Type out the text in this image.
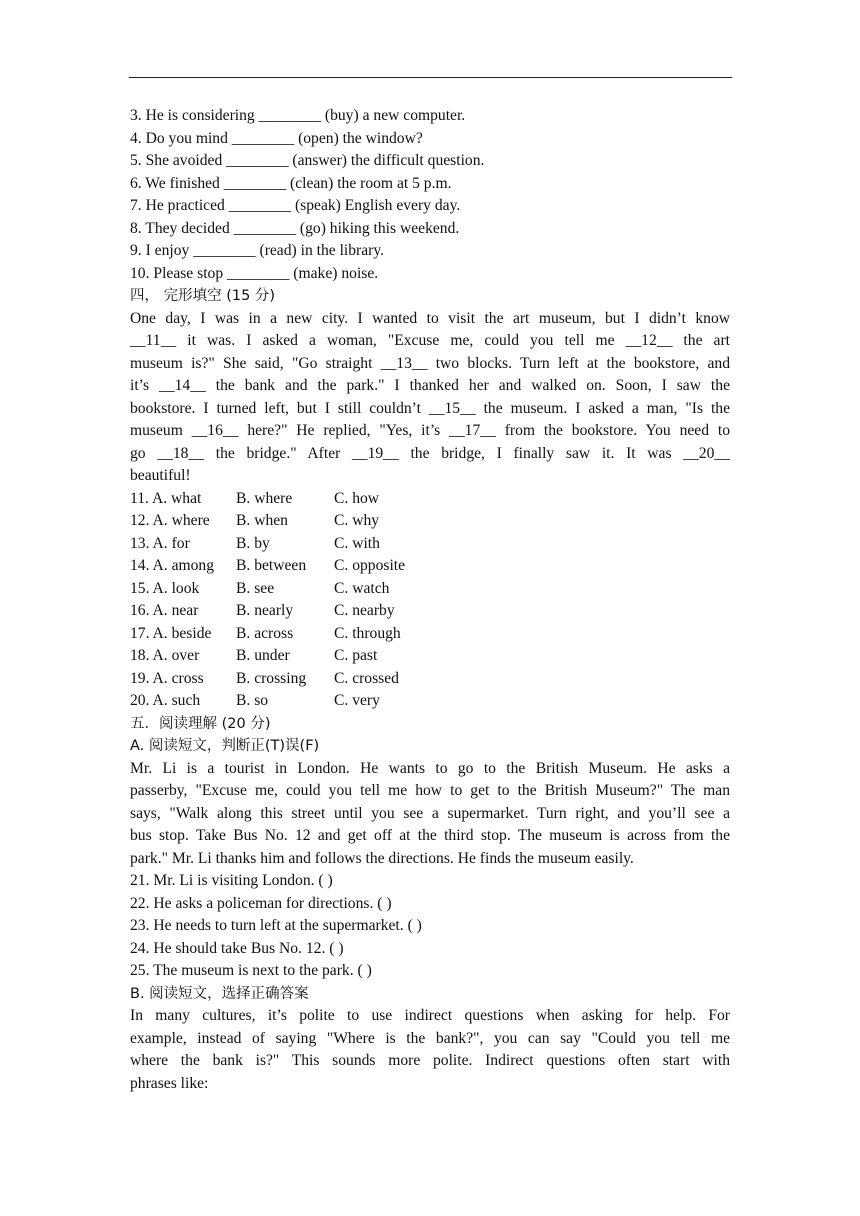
3. He is considering ________ (buy) a new computer.
4. Do you mind ________ (open) the window?
5. She avoided ________ (answer) the difficult question.
6. We finished ________ (clean) the room at 5 p.m.
7. He practiced ________ (speak) English every day.
8. They decided ________ (go) hiking this weekend.
9. I enjoy ________ (read) in the library.
10. Please stop ________ (make) noise.
四， 完形填空 (15 分)
One day, I was in a new city. I wanted to visit the art museum, but I didn’t know
__11__ it was. I asked a woman, "Excuse me, could you tell me __12__ the art
museum is?" She said, "Go straight __13__ two blocks. Turn left at the bookstore, and
it’s __14__ the bank and the park." I thanked her and walked on. Soon, I saw the
bookstore. I turned left, but I still couldn’t __15__ the museum. I asked a man, "Is the
museum __16__ here?" He replied, "Yes, it’s __17__ from the bookstore. You need to
go __18__ the bridge." After __19__ the bridge, I finally saw it. It was __20__
beautiful!
11. A. what	B. where	C. how
12. A. where	B. when	C. why
13. A. for	B. by	C. with
14. A. among	B. between	C. opposite
15. A. look	B. see	C. watch
16. A. near	B. nearly	C. nearby
17. A. beside	B. across	C. through
18. A. over	B. under	C. past
19. A. cross	B. crossing	C. crossed
20. A. such	B. so	C. very
五．阅读理解 (20 分)
A. 阅读短文，判断正(T)误(F)
Mr. Li is a tourist in London. He wants to go to the British Museum. He asks a
passerby, "Excuse me, could you tell me how to get to the British Museum?" The man
says, "Walk along this street until you see a supermarket. Turn right, and you’ll see a
bus stop. Take Bus No. 12 and get off at the third stop. The museum is across from the
park." Mr. Li thanks him and follows the directions. He finds the museum easily.
21. Mr. Li is visiting London. ( )
22. He asks a policeman for directions. ( )
23. He needs to turn left at the supermarket. ( )
24. He should take Bus No. 12. ( )
25. The museum is next to the park. ( )
B. 阅读短文，选择正确答案
In many cultures, it’s polite to use indirect questions when asking for help. For
example, instead of saying "Where is the bank?", you can say "Could you tell me
where the bank is?" This sounds more polite. Indirect questions often start with
phrases like:
